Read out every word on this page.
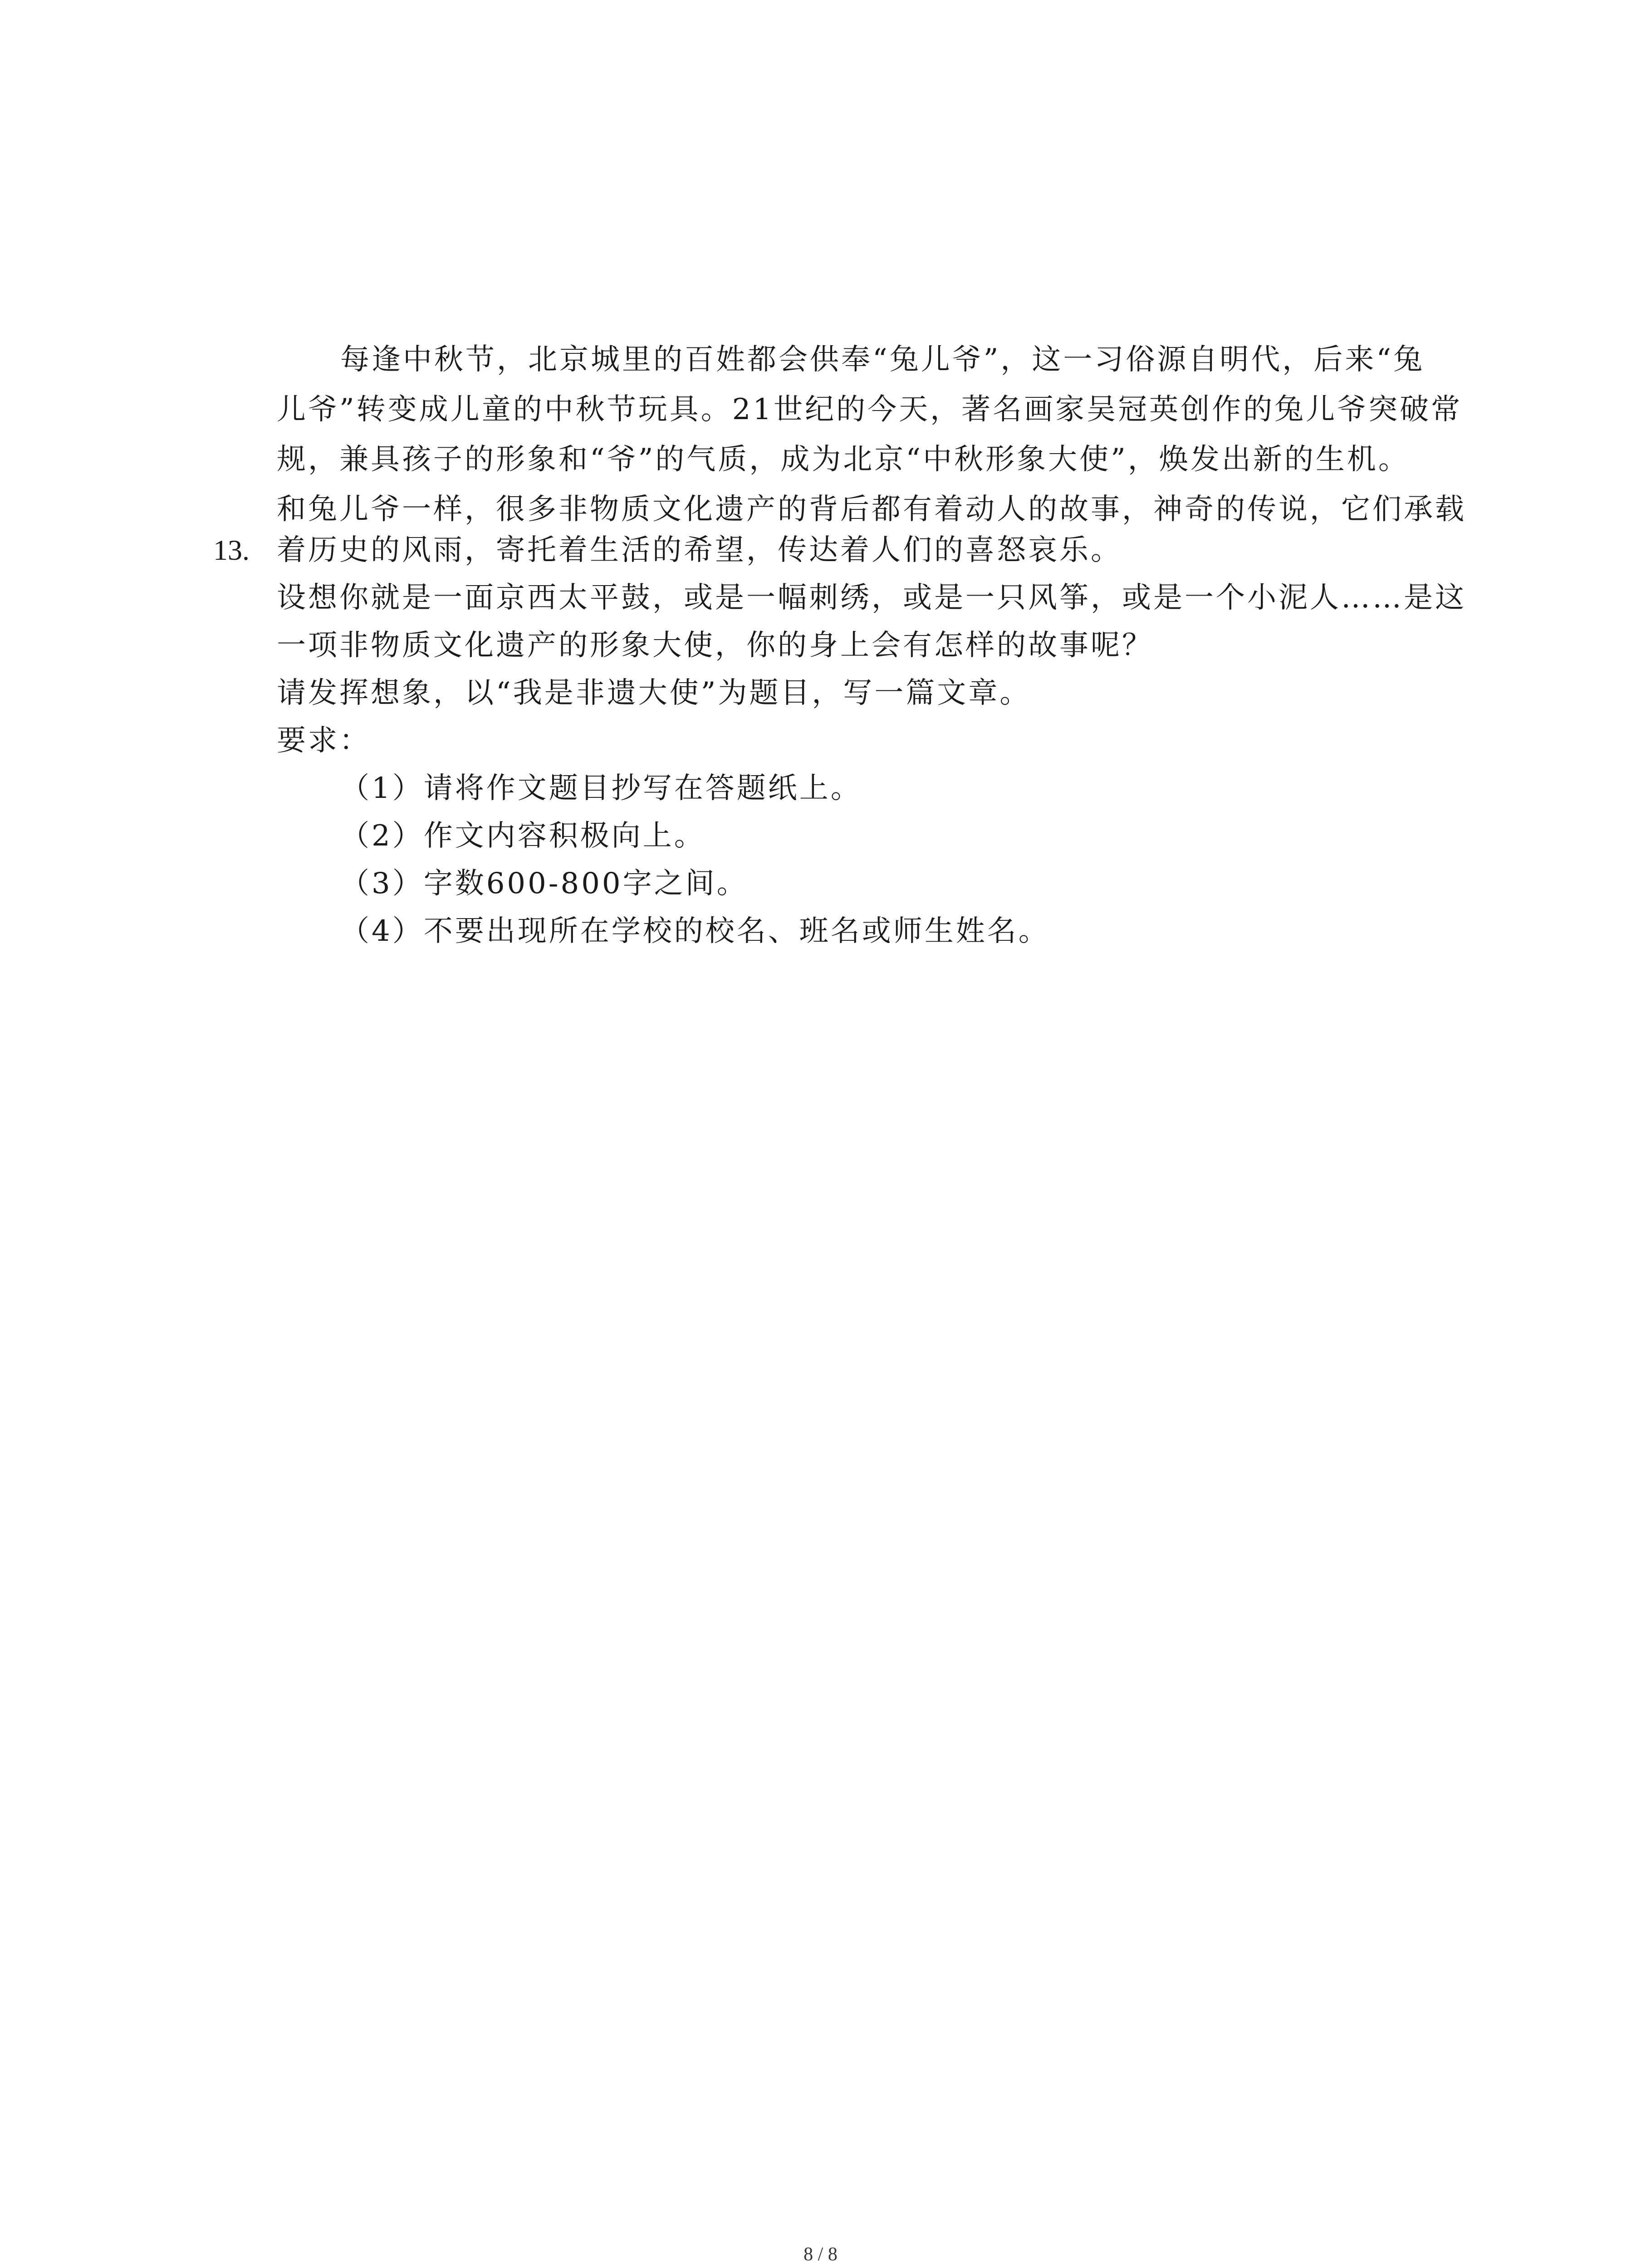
每逢中秋节，北京城里的百姓都会供奉“兔儿爷”，这一习俗源自明代，后来“兔
儿爷”转变成儿童的中秋节玩具。21世纪的今天，著名画家吴冠英创作的兔儿爷突破常
规，兼具孩子的形象和“爷”的气质，成为北京“中秋形象大使”，焕发出新的生机。
和兔儿爷一样，很多非物质文化遗产的背后都有着动人的故事，神奇的传说，它们承载
13. 着历史的风雨，寄托着生活的希望，传达着人们的喜怒哀乐。
设想你就是一面京西太平鼓，或是一幅刺绣，或是一只风筝，或是一个小泥人……是这
一项非物质文化遗产的形象大使，你的身上会有怎样的故事呢？
请发挥想象，以“我是非遗大使”为题目，写一篇文章。
要求：
（1）请将作文题目抄写在答题纸上。
（2）作文内容积极向上。
（3）字数600-800字之间。
（4）不要出现所在学校的校名、班名或师生姓名。
8 / 8
